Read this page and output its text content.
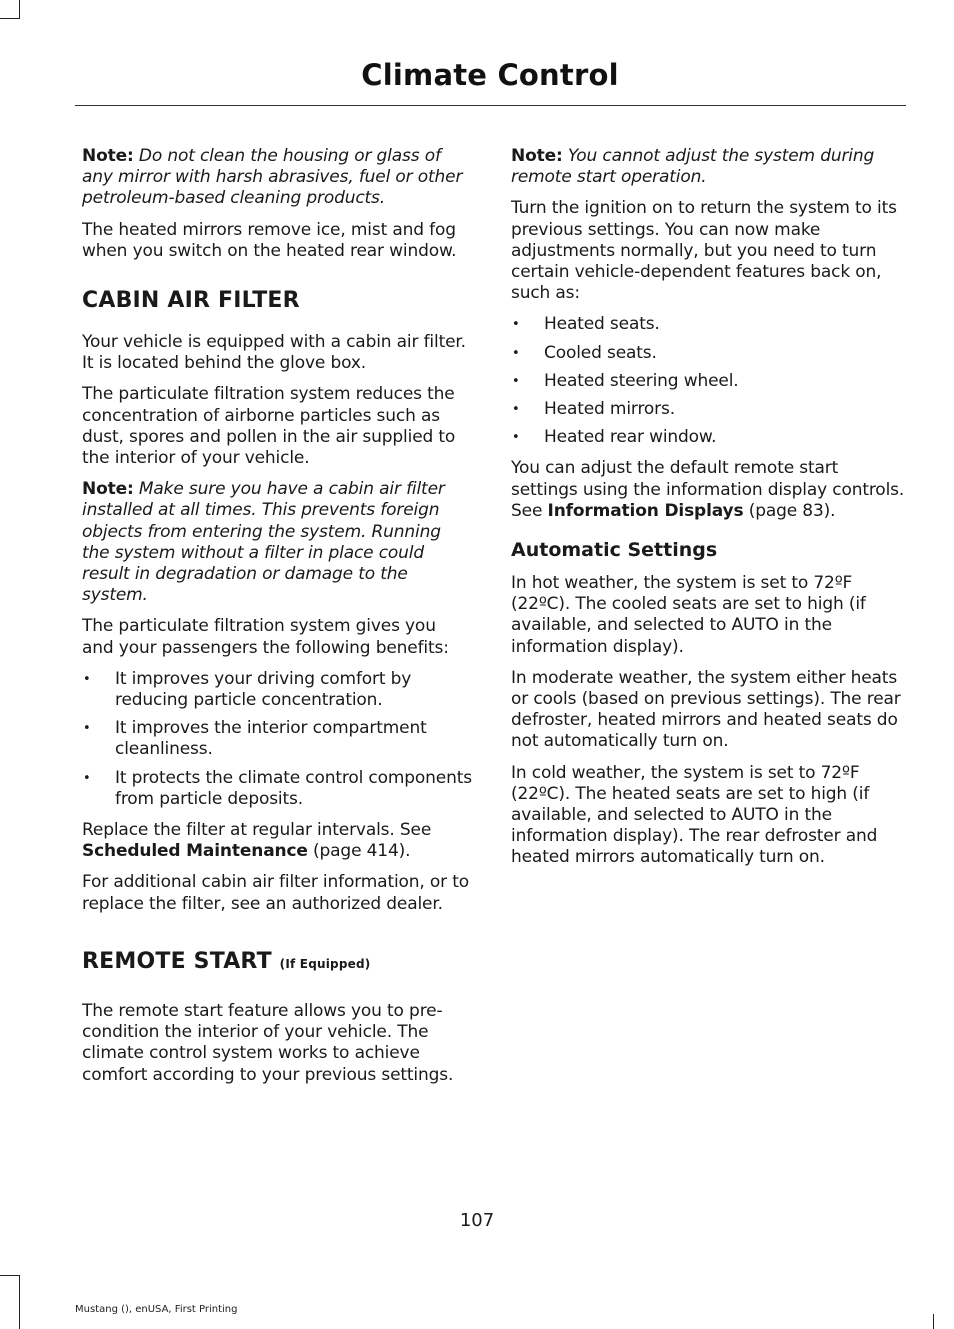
Climate Control

Note: Do not clean the housing or glass of any mirror with harsh abrasives, fuel or other petroleum-based cleaning products.

The heated mirrors remove ice, mist and fog when you switch on the heated rear window.

CABIN AIR FILTER

Your vehicle is equipped with a cabin air filter. It is located behind the glove box.

The particulate filtration system reduces the concentration of airborne particles such as dust, spores and pollen in the air supplied to the interior of your vehicle.

Note: Make sure you have a cabin air filter installed at all times. This prevents foreign objects from entering the system. Running the system without a filter in place could result in degradation or damage to the system.

The particulate filtration system gives you and your passengers the following benefits:

• It improves your driving comfort by reducing particle concentration.
• It improves the interior compartment cleanliness.
• It protects the climate control components from particle deposits.

Replace the filter at regular intervals. See Scheduled Maintenance (page 414).

For additional cabin air filter information, or to replace the filter, see an authorized dealer.

REMOTE START (If Equipped)

The remote start feature allows you to pre-condition the interior of your vehicle. The climate control system works to achieve comfort according to your previous settings.

Note: You cannot adjust the system during remote start operation.

Turn the ignition on to return the system to its previous settings. You can now make adjustments normally, but you need to turn certain vehicle-dependent features back on, such as:

• Heated seats.
• Cooled seats.
• Heated steering wheel.
• Heated mirrors.
• Heated rear window.

You can adjust the default remote start settings using the information display controls. See Information Displays (page 83).

Automatic Settings

In hot weather, the system is set to 72ºF (22ºC). The cooled seats are set to high (if available, and selected to AUTO in the information display).

In moderate weather, the system either heats or cools (based on previous settings). The rear defroster, heated mirrors and heated seats do not automatically turn on.

In cold weather, the system is set to 72ºF (22ºC). The heated seats are set to high (if available, and selected to AUTO in the information display). The rear defroster and heated mirrors automatically turn on.

107
Mustang (), enUSA, First Printing
